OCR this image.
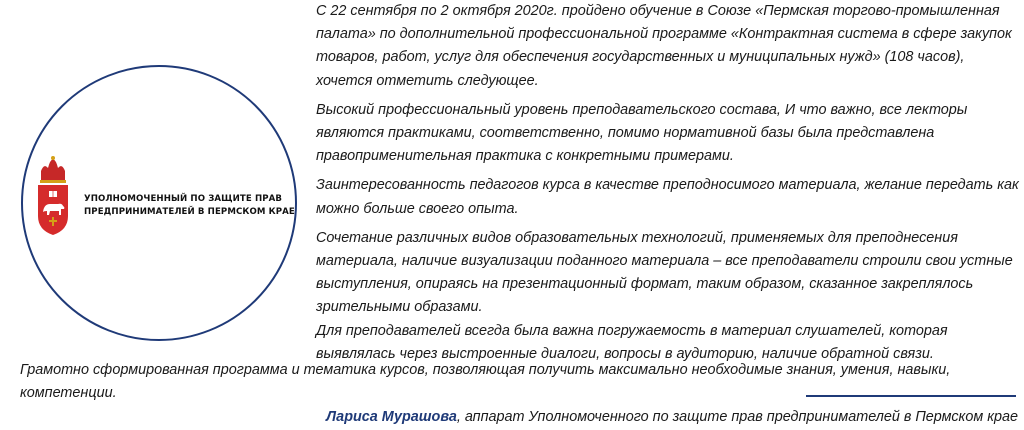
УПОЛНОМОЧЕННЫЙ ПО ЗАЩИТЕ ПРАВ
ПРЕДПРИНИМАТЕЛЕЙ В ПЕРМСКОМ КРАЕ

С 22 сентября по 2 октября 2020г. пройдено обучение в Союзе «Пермская торгово-промышленная палата» по дополнительной профессиональной программе «Контрактная система в сфере закупок товаров, работ, услуг для обеспечения государственных и муниципальных нужд» (108 часов), хочется отметить следующее.

Высокий профессиональный уровень преподавательского состава, И что важно, все лекторы являются практиками, соответственно, помимо нормативной базы была представлена правоприменительная практика с конкретными примерами.

Заинтересованность педагогов курса в качестве преподносимого материала, желание передать как можно больше своего опыта.

Сочетание различных видов образовательных технологий, применяемых для преподнесения материала, наличие визуализации поданного материала – все преподаватели строили свои устные выступления, опираясь на презентационный формат, таким образом, сказанное закреплялось зрительными образами.

Для преподавателей всегда была важна погружаемость в материал слушателей, которая выявлялась через выстроенные диалоги, вопросы в аудиторию, наличие обратной связи.

Грамотно сформированная программа и тематика курсов, позволяющая получить максимально необходимые знания, умения, навыки, компетенции.
Лариса Мурашова, аппарат Уполномоченного по защите прав предпринимателей в Пермском крае
